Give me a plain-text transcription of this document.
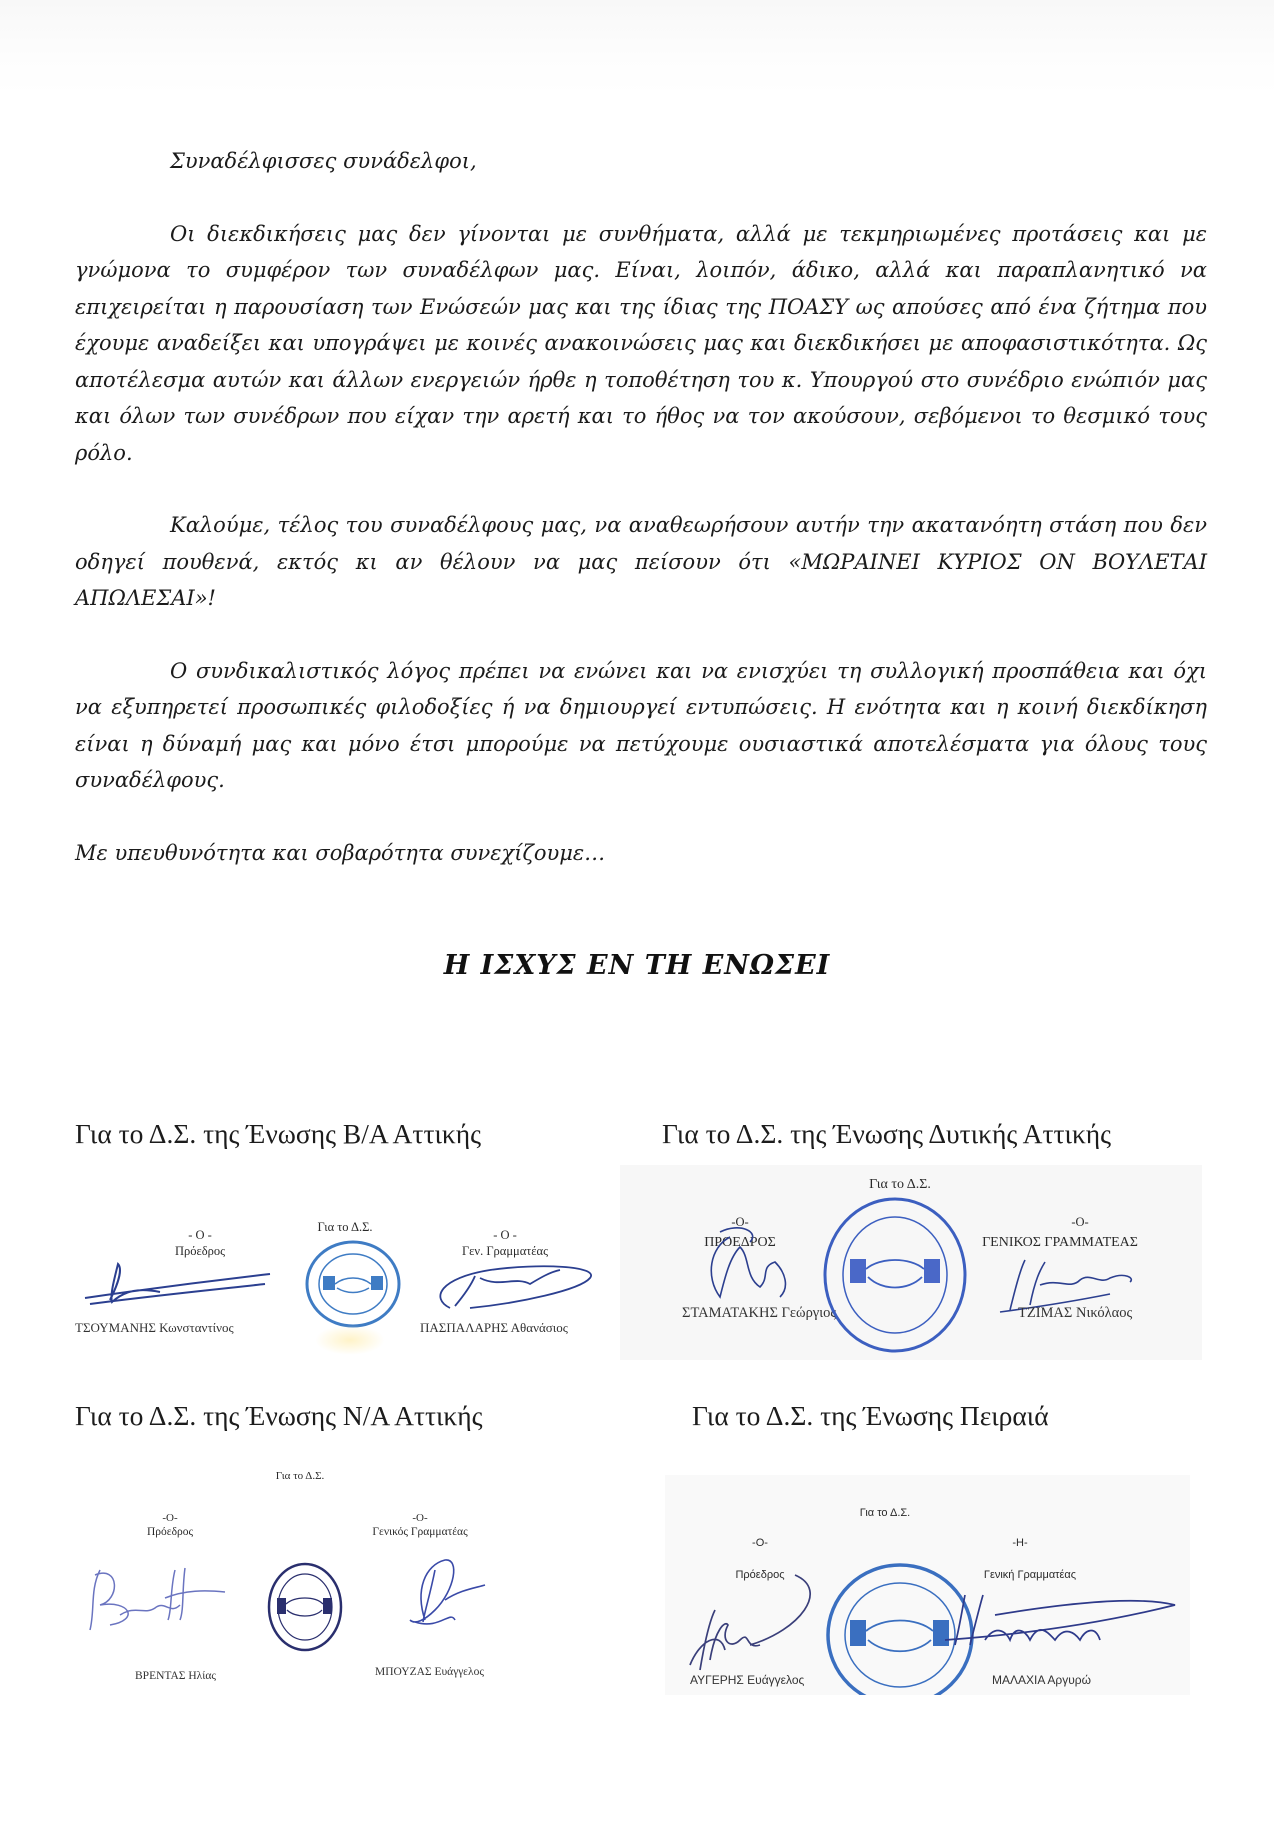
Συναδέλφισσες συνάδελφοι,

Οι διεκδικήσεις μας δεν γίνονται με συνθήματα, αλλά με τεκμηριωμένες προτάσεις και με γνώμονα το συμφέρον των συναδέλφων μας. Είναι, λοιπόν, άδικο, αλλά και παραπλανητικό να επιχειρείται η παρουσίαση των Ενώσεών μας και της ίδιας της ΠΟΑΣΥ ως απούσες από ένα ζήτημα που έχουμε αναδείξει και υπογράψει με κοινές ανακοινώσεις μας και διεκδικήσει με αποφασιστικότητα. Ως αποτέλεσμα αυτών και άλλων ενεργειών ήρθε η τοποθέτηση του κ. Υπουργού στο συνέδριο ενώπιόν μας και όλων των συνέδρων που είχαν την αρετή και το ήθος να τον ακούσουν, σεβόμενοι το θεσμικό τους ρόλο.

Καλούμε, τέλος του συναδέλφους μας, να αναθεωρήσουν αυτήν την ακατανόητη στάση που δεν οδηγεί πουθενά, εκτός κι αν θέλουν να μας πείσουν ότι «ΜΩΡΑΙΝΕΙ ΚΥΡΙΟΣ ΟΝ ΒΟΥΛΕΤΑΙ ΑΠΩΛΕΣΑΙ»!

Ο συνδικαλιστικός λόγος πρέπει να ενώνει και να ενισχύει τη συλλογική προσπάθεια και όχι να εξυπηρετεί προσωπικές φιλοδοξίες ή να δημιουργεί εντυπώσεις. Η ενότητα και η κοινή διεκδίκηση είναι η δύναμή μας και μόνο έτσι μπορούμε να πετύχουμε ουσιαστικά αποτελέσματα για όλους τους συναδέλφους.

Με υπευθυνότητα και σοβαρότητα συνεχίζουμε…

Η ΙΣΧΥΣ ΕΝ ΤΗ ΕΝΩΣΕΙ
Για το Δ.Σ. της Ένωσης Β/Α Αττικής
- Ο -
Πρόεδρος
ΤΣΟΥΜΑΝΗΣ Κωνσταντίνος
Για το Δ.Σ.
- Ο -
Γεν. Γραμματέας
ΠΑΣΠΑΛΑΡΗΣ Αθανάσιος
Για το Δ.Σ. της Ένωσης Δυτικής Αττικής
Για το Δ.Σ.
-Ο-
ΠΡΟΕΔΡΟΣ
ΣΤΑΜΑΤΑΚΗΣ Γεώργιος
-Ο-
ΓΕΝΙΚΟΣ ΓΡΑΜΜΑΤΕΑΣ
ΤΖΙΜΑΣ Νικόλαος
Για το Δ.Σ. της Ένωσης Ν/Α Αττικής
Για το Δ.Σ.
-Ο-
Πρόεδρος
ΒΡΕΝΤΑΣ Ηλίας
-Ο-
Γενικός Γραμματέας
ΜΠΟΥΖΑΣ Ευάγγελος
Για το Δ.Σ. της Ένωσης Πειραιά
Για το Δ.Σ.
-Ο-
Πρόεδρος
ΑΥΓΕΡΗΣ Ευάγγελος
-Η-
Γενική Γραμματέας
ΜΑΛΑΧΙΑ Αργυρώ
